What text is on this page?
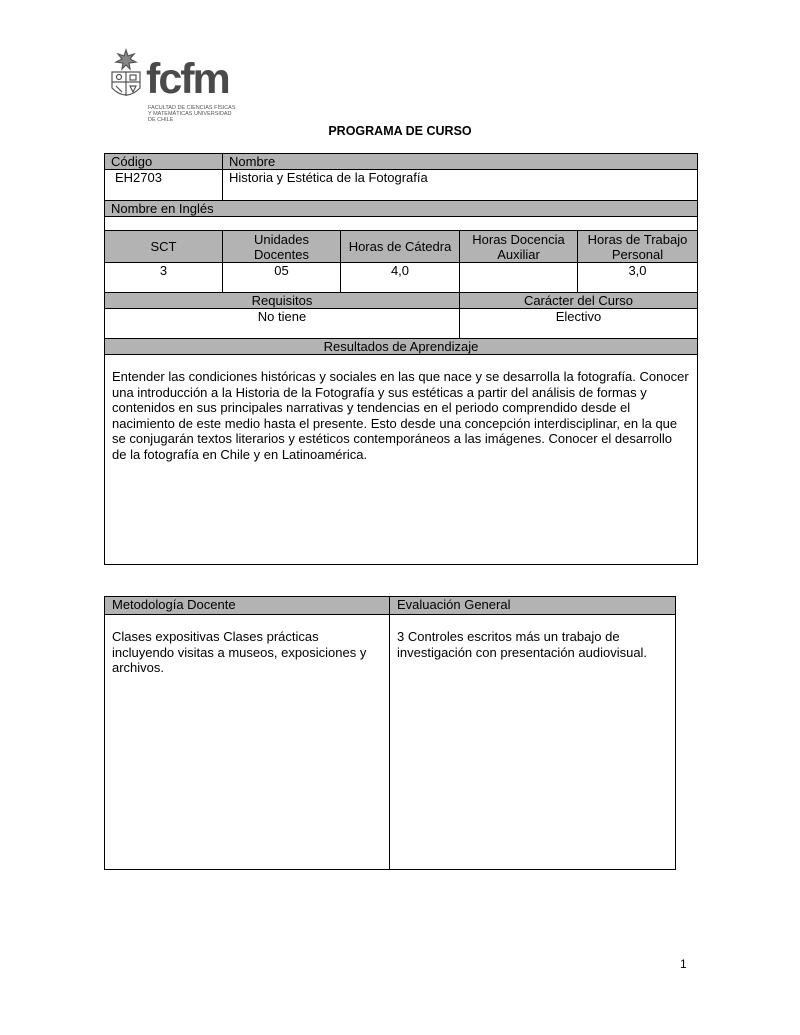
fcfm
FACULTAD DE CIENCIAS FÍSICAS Y MATEMÁTICAS UNIVERSIDAD DE CHILE
PROGRAMA DE CURSO
Código	Nombre			
EH2703	Historia y Estética de la Fotografía			
Nombre en Inglés				

SCT	Unidades Docentes	Horas de Cátedra	Horas Docencia Auxiliar	Horas de Trabajo Personal
3	05	4,0		3,0
Requisitos			Carácter del Curso	
No tiene			Electivo	
Resultados de Aprendizaje				
Entender las condiciones históricas y sociales en las que nace y se desarrolla la fotografía. Conocer una introducción a la Historia de la Fotografía y sus estéticas a partir del análisis de formas y contenidos en sus principales narrativas y tendencias en el periodo comprendido desde el nacimiento de este medio hasta el presente. Esto desde una concepción interdisciplinar, en la que se conjugarán textos literarios y estéticos contemporáneos a las imágenes. Conocer el desarrollo de la fotografía en Chile y en Latinoamérica.				
Metodología Docente	Evaluación General
Clases expositivas Clases prácticas incluyendo visitas a museos, exposiciones y archivos.	3 Controles escritos más un trabajo de investigación con presentación audiovisual.
1
